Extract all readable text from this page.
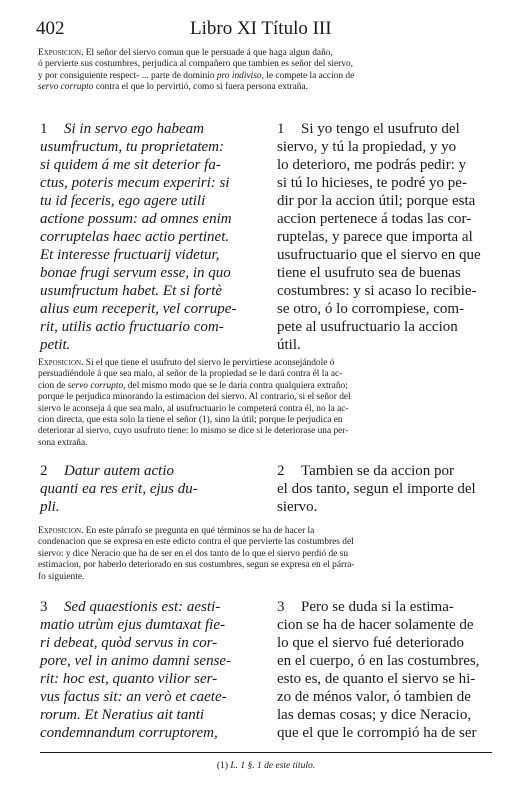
402	Libro XI Título III
Exposicion. El señor del siervo comun que le persuade á que haga algun daño,
ó pervierte sus costumbres, perjudica al compañero que tambien es señor del siervo,
y por consiguiente respect- ... parte de dominio pro indiviso, le compete la accion de
servo corrupto contra el que lo pervirtió, como si fuera persona extraña.
1 Si in servo ego habeam
usumfructum, tu proprietatem:
si quidem á me sit deterior fa-
ctus, poteris mecum experiri: si
tu id feceris, ego agere utili
actione possum: ad omnes enim
corruptelas haec actio pertinet.
Et interesse fructuarij videtur,
bonae frugi servum esse, in quo
usumfructum habet. Et si fortè
alius eum receperit, vel corrupe-
rit, utilis actio fructuario com-
petit.
1 Si yo tengo el usufruto del
siervo, y tú la propiedad, y yo
lo deterioro, me podrás pedir: y
si tú lo hicieses, te podré yo pe-
dir por la accion útil; porque esta
accion pertenece á todas las cor-
ruptelas, y parece que importa al
usufructuario que el siervo en que
tiene el usufruto sea de buenas
costumbres: y si acaso lo recibie-
se otro, ó lo corrompiese, com-
pete al usufructuario la accion
útil.
Exposicion. Si el que tiene el usufruto del siervo le pervirtiese aconsejándole ó
persuadiéndole á que sea malo, al señor de la propiedad se le dará contra él la ac-
cion de servo corrupto, del mismo modo que se le daria contra qualquiera extraño;
porque le perjudica minorando la estimacion del siervo. Al contrario, si el señor del
siervo le aconseja á que sea malo, al usufructuario le competerá contra él, no la ac-
cion directa, que esta solo la tiene el señor (1), sino la útil; porque le perjudica en
deteriorar al siervo, cuyo usufruto tiene: lo mismo se dice si le deteriorase una per-
sona extraña.
2 Datur autem actio
quanti ea res erit, ejus du-
pli.
2 Tambien se da accion por
el dos tanto, segun el importe del
siervo.
Exposicion. En este párrafo se pregunta en qué términos se ha de hacer la
condenacion que se expresa en este edicto contra el que pervierte las costumbres del
siervo: y dice Neracio que ha de ser en el dos tanto de lo que el siervo perdió de su
estimacion, por haberlo deteriorado en sus costumbres, segun se expresa en el párra-
fo siguiente.
3 Sed quaestionis est: aesti-
matio utrùm ejus dumtaxat fie-
ri debeat, quòd servus in cor-
pore, vel in animo damni sense-
rit: hoc est, quanto vilior ser-
vus factus sit: an verò et caete-
rorum. Et Neratius ait tanti
condemnandum corruptorem,
3 Pero se duda si la estima-
cion se ha de hacer solamente de
lo que el siervo fué deteriorado
en el cuerpo, ó en las costumbres,
esto es, de quanto el siervo se hi-
zo de ménos valor, ó tambien de
las demas cosas; y dice Neracio,
que el que le corrompió ha de ser
(1) L. 1 §. 1 de este título.
